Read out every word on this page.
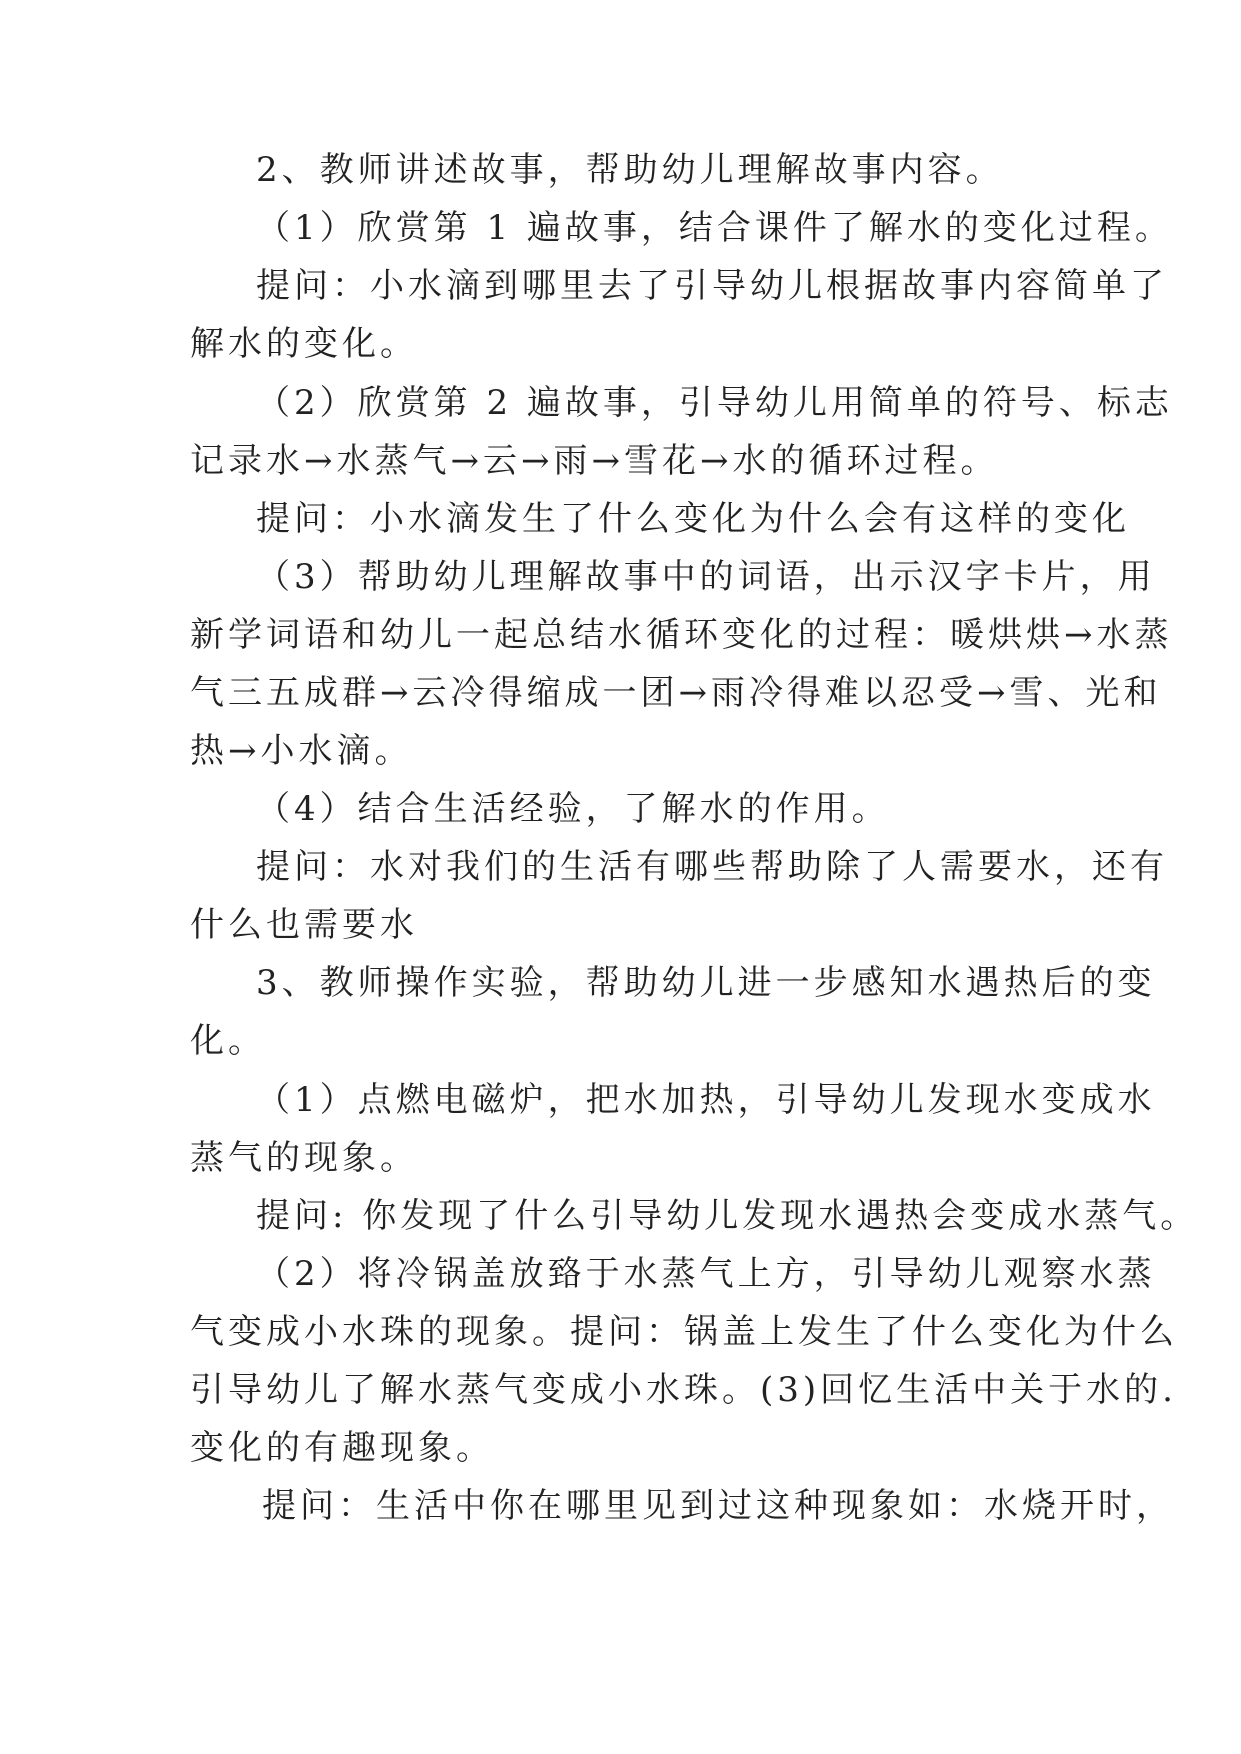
2、教师讲述故事，帮助幼儿理解故事内容。
（1）欣赏第 1 遍故事，结合课件了解水的变化过程。
提问：小水滴到哪里去了引导幼儿根据故事内容简单了
解水的变化。
（2）欣赏第 2 遍故事，引导幼儿用简单的符号、标志
记录水→水蒸气→云→雨→雪花→水的循环过程。
提问：小水滴发生了什么变化为什么会有这样的变化
（3）帮助幼儿理解故事中的词语，出示汉字卡片，用
新学词语和幼儿一起总结水循环变化的过程：暖烘烘→水蒸
气三五成群→云冷得缩成一团→雨冷得难以忍受→雪、光和
热→小水滴。
（4）结合生活经验，了解水的作用。
提问：水对我们的生活有哪些帮助除了人需要水，还有
什么也需要水
3、教师操作实验，帮助幼儿进一步感知水遇热后的变
化。
（1）点燃电磁炉，把水加热，引导幼儿发现水变成水
蒸气的现象。
提问: 你发现了什么引导幼儿发现水遇热会变成水蒸气。
（2）将冷锅盖放臵于水蒸气上方，引导幼儿观察水蒸
气变成小水珠的现象。提问：锅盖上发生了什么变化为什么
引导幼儿了解水蒸气变成小水珠。(3)回忆生活中关于水的.
变化的有趣现象。
提问：生活中你在哪里见到过这种现象如：水烧开时，
